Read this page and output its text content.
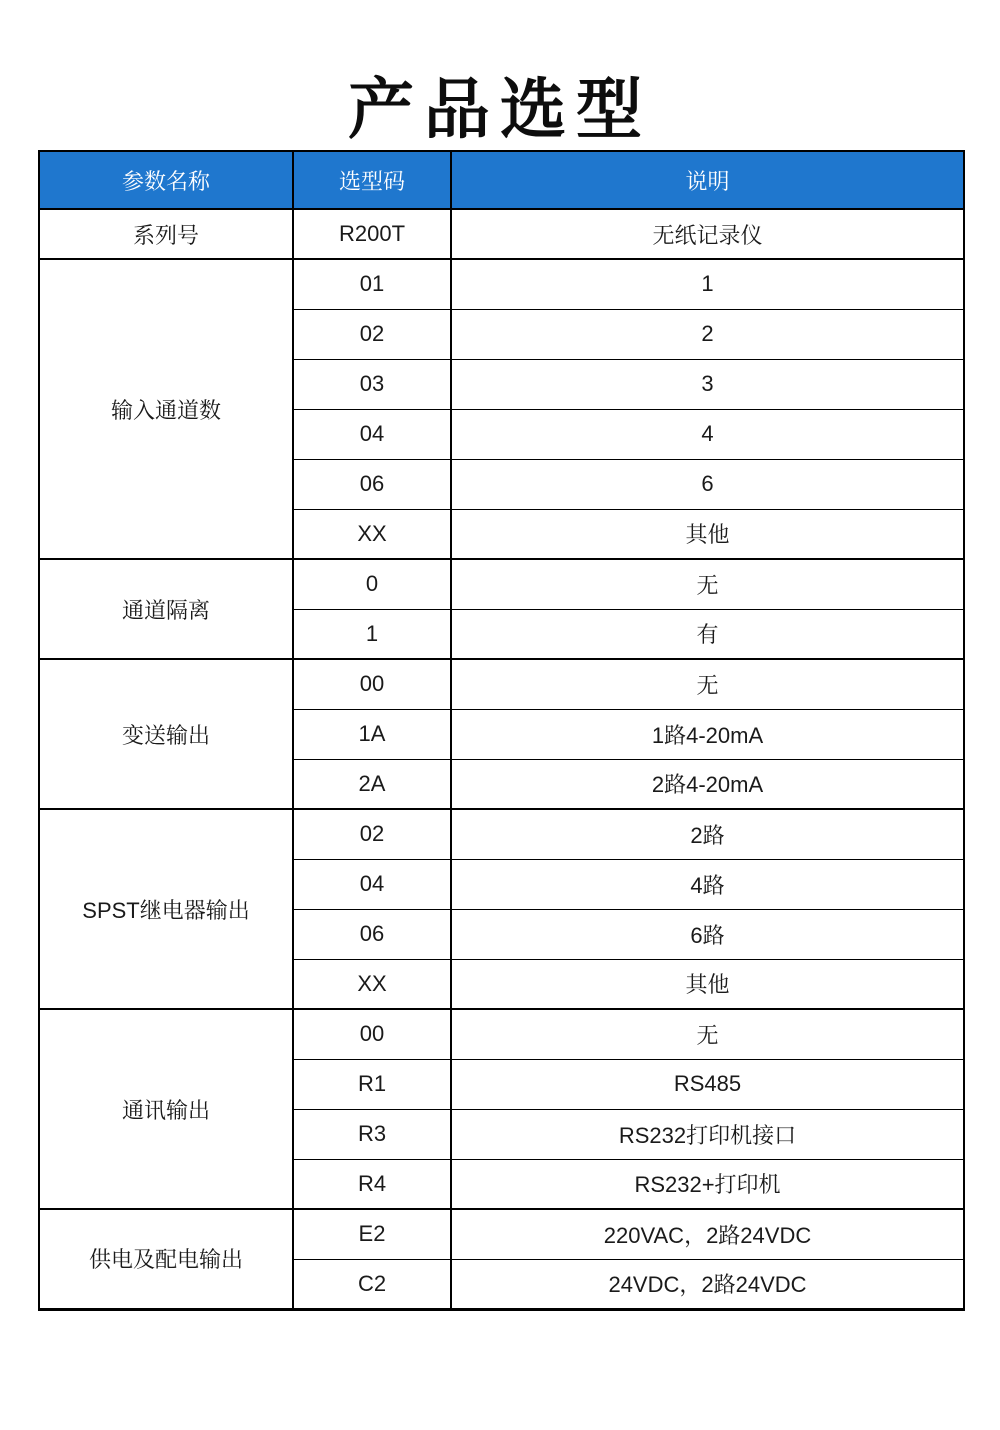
产品选型
参数名称	选型码	说明
系列号	R200T	无纸记录仪
输入通道数	01	1
	02	2
	03	3
	04	4
	06	6
	XX	其他
通道隔离	0	无
	1	有
变送输出	00	无
	1A	1路4-20mA
	2A	2路4-20mA
SPST继电器输出	02	2路
	04	4路
	06	6路
	XX	其他
通讯输出	00	无
	R1	RS485
	R3	RS232打印机接口
	R4	RS232+打印机
供电及配电输出	E2	220VAC，2路24VDC
	C2	24VDC，2路24VDC
